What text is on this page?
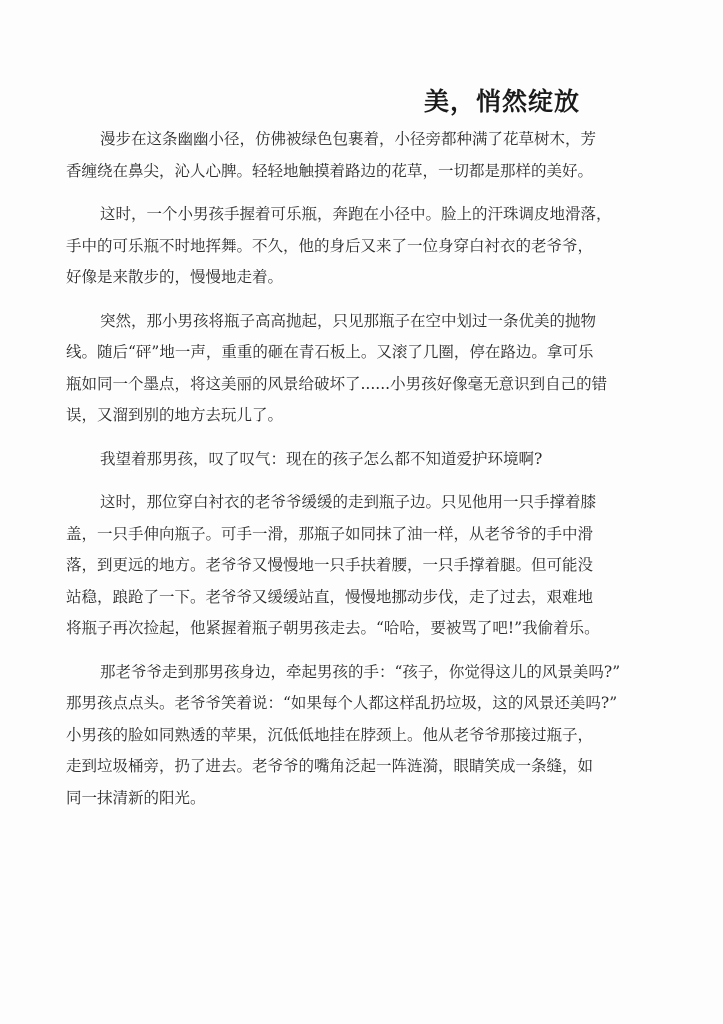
美，悄然绽放
漫步在这条幽幽小径，仿佛被绿色包裹着，小径旁都种满了花草树木，芳
香缠绕在鼻尖，沁人心脾。轻轻地触摸着路边的花草，一切都是那样的美好。
这时，一个小男孩手握着可乐瓶，奔跑在小径中。脸上的汗珠调皮地滑落，
手中的可乐瓶不时地挥舞。不久，他的身后又来了一位身穿白衬衣的老爷爷，
好像是来散步的，慢慢地走着。
突然，那小男孩将瓶子高高抛起，只见那瓶子在空中划过一条优美的抛物
线。随后“砰”地一声，重重的砸在青石板上。又滚了几圈，停在路边。拿可乐
瓶如同一个墨点，将这美丽的风景给破坏了......小男孩好像毫无意识到自己的错
误，又溜到别的地方去玩儿了。
我望着那男孩，叹了叹气：现在的孩子怎么都不知道爱护环境啊?
这时，那位穿白衬衣的老爷爷缓缓的走到瓶子边。只见他用一只手撑着膝
盖，一只手伸向瓶子。可手一滑，那瓶子如同抹了油一样，从老爷爷的手中滑
落，到更远的地方。老爷爷又慢慢地一只手扶着腰，一只手撑着腿。但可能没
站稳，踉跄了一下。老爷爷又缓缓站直，慢慢地挪动步伐，走了过去，艰难地
将瓶子再次捡起，他紧握着瓶子朝男孩走去。“哈哈，要被骂了吧!”我偷着乐。
那老爷爷走到那男孩身边，牵起男孩的手：“孩子，你觉得这儿的风景美吗?”
那男孩点点头。老爷爷笑着说：“如果每个人都这样乱扔垃圾，这的风景还美吗?”
小男孩的脸如同熟透的苹果，沉低低地挂在脖颈上。他从老爷爷那接过瓶子，
走到垃圾桶旁，扔了进去。老爷爷的嘴角泛起一阵涟漪，眼睛笑成一条缝，如
同一抹清新的阳光。
